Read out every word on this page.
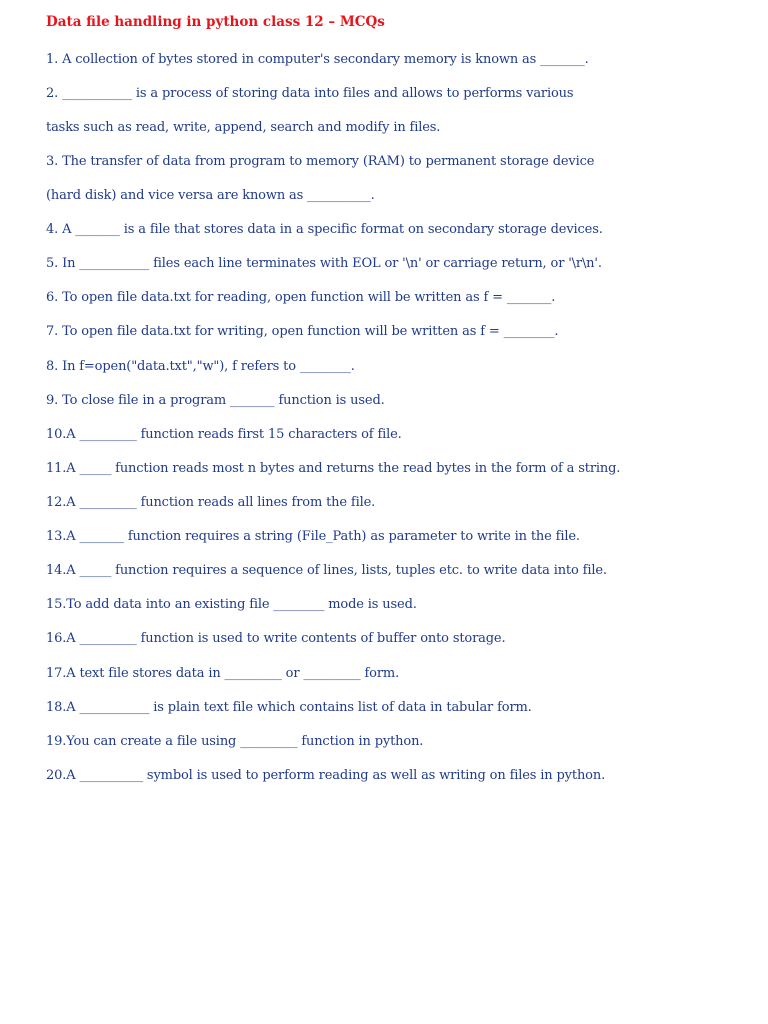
Data file handling in python class 12 – MCQs
1. A collection of bytes stored in computer's secondary memory is known as _______.
2. ___________ is a process of storing data into files and allows to performs various
tasks such as read, write, append, search and modify in files.
3. The transfer of data from program to memory (RAM) to permanent storage device
(hard disk) and vice versa are known as __________.
4. A _______ is a file that stores data in a specific format on secondary storage devices.
5. In ___________ files each line terminates with EOL or '\n' or carriage return, or '\r\n'.
6. To open file data.txt for reading, open function will be written as f = _______.
7. To open file data.txt for writing, open function will be written as f = ________.
8. In f=open("data.txt","w"), f refers to ________.
9. To close file in a program _______ function is used.
10.A _________ function reads first 15 characters of file.
11.A _____ function reads most n bytes and returns the read bytes in the form of a string.
12.A _________ function reads all lines from the file.
13.A _______ function requires a string (File_Path) as parameter to write in the file.
14.A _____ function requires a sequence of lines, lists, tuples etc. to write data into file.
15.To add data into an existing file ________ mode is used.
16.A _________ function is used to write contents of buffer onto storage.
17.A text file stores data in _________ or _________ form.
18.A ___________ is plain text file which contains list of data in tabular form.
19.You can create a file using _________ function in python.
20.A __________ symbol is used to perform reading as well as writing on files in python.
